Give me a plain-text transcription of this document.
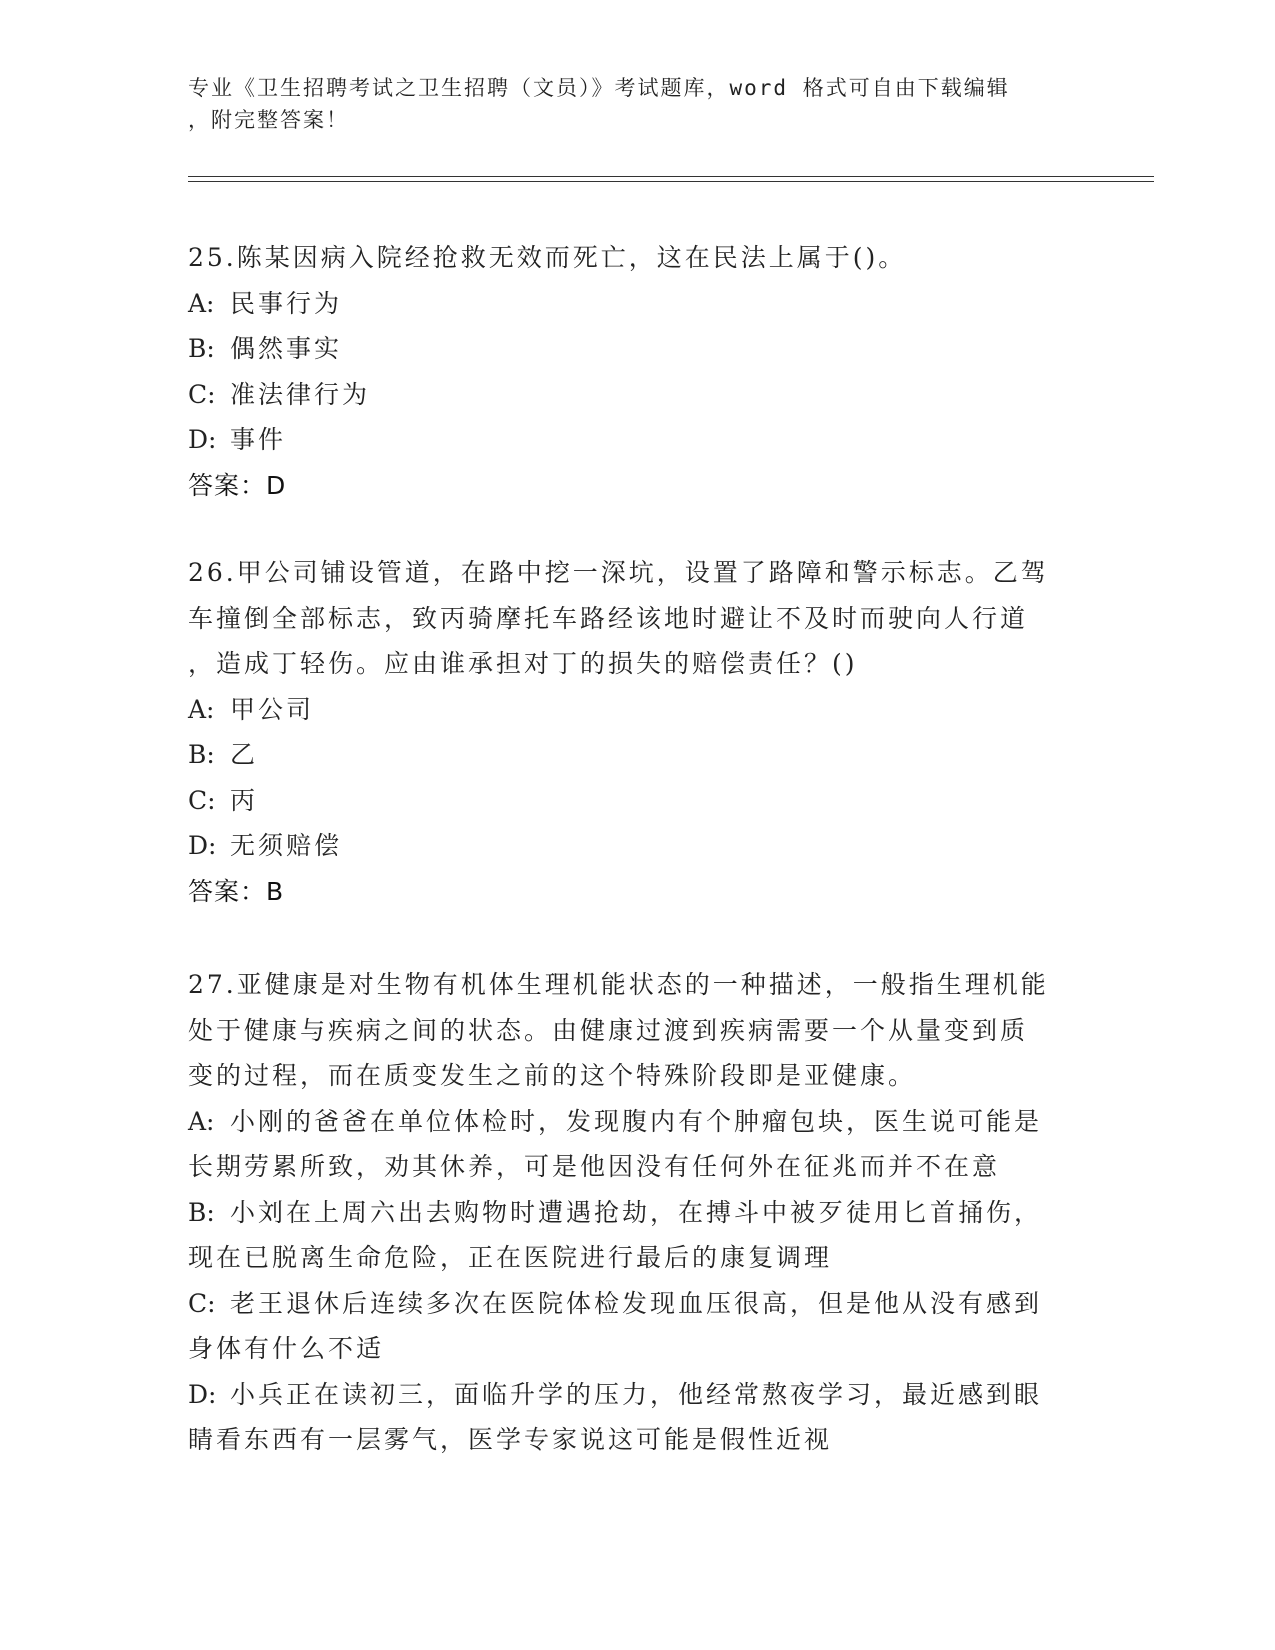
专业《卫生招聘考试之卫生招聘（文员）》考试题库，word 格式可自由下载编辑
，附完整答案！
25.陈某因病入院经抢救无效而死亡，这在民法上属于()。
A: 民事行为
B: 偶然事实
C: 准法律行为
D: 事件
答案：D
26.甲公司铺设管道，在路中挖一深坑，设置了路障和警示标志。乙驾
车撞倒全部标志，致丙骑摩托车路经该地时避让不及时而驶向人行道
，造成丁轻伤。应由谁承担对丁的损失的赔偿责任？()
A: 甲公司
B: 乙
C: 丙
D: 无须赔偿
答案：B
27.亚健康是对生物有机体生理机能状态的一种描述，一般指生理机能
处于健康与疾病之间的状态。由健康过渡到疾病需要一个从量变到质
变的过程，而在质变发生之前的这个特殊阶段即是亚健康。
A: 小刚的爸爸在单位体检时，发现腹内有个肿瘤包块，医生说可能是
长期劳累所致，劝其休养，可是他因没有任何外在征兆而并不在意
B: 小刘在上周六出去购物时遭遇抢劫，在搏斗中被歹徒用匕首捅伤，
现在已脱离生命危险，正在医院进行最后的康复调理
C: 老王退休后连续多次在医院体检发现血压很高，但是他从没有感到
身体有什么不适
D: 小兵正在读初三，面临升学的压力，他经常熬夜学习，最近感到眼
睛看东西有一层雾气，医学专家说这可能是假性近视
